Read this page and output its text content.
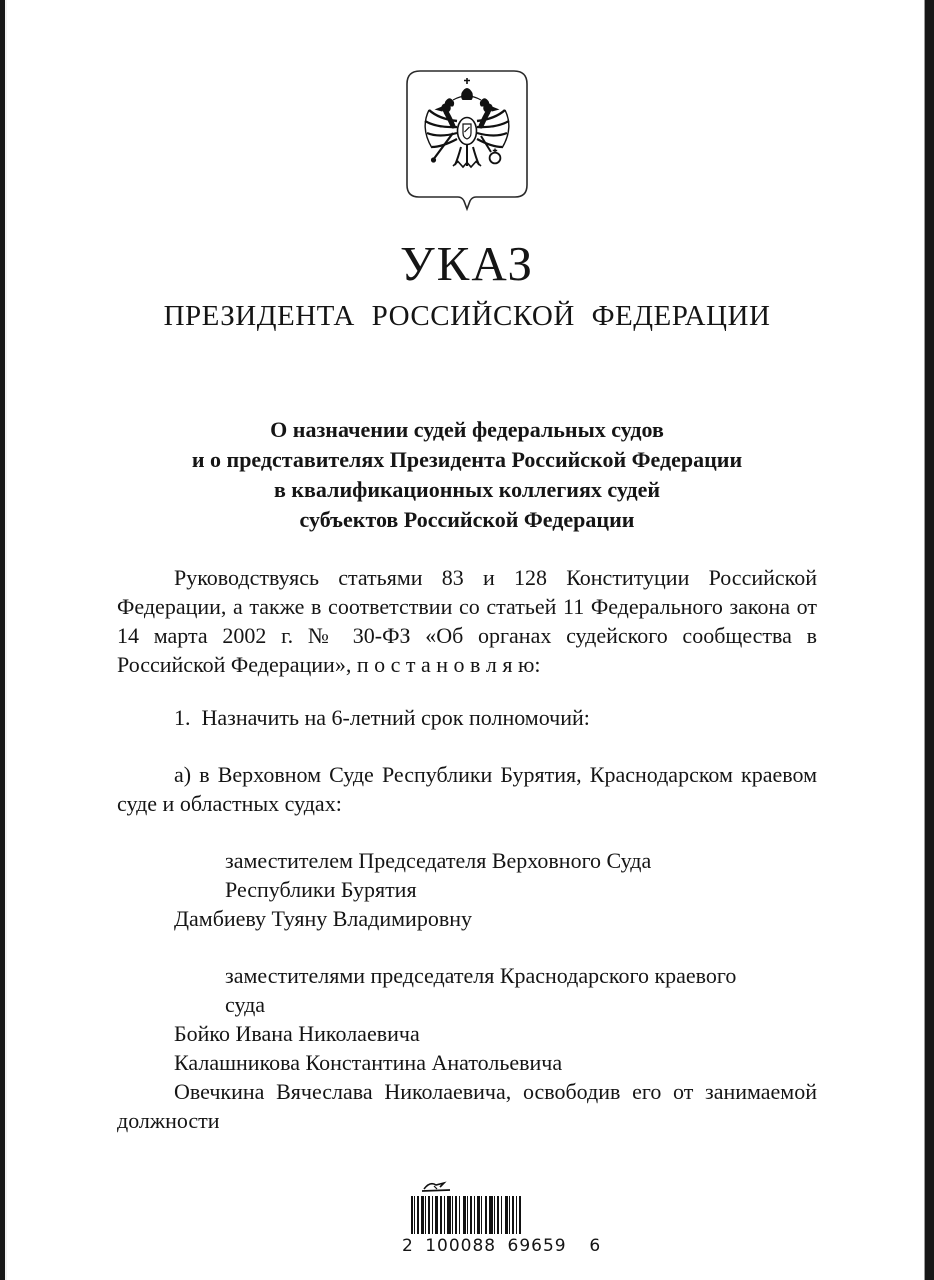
УКАЗ
ПРЕЗИДЕНТА РОССИЙСКОЙ ФЕДЕРАЦИИ
О назначении судей федеральных судов
и о представителях Президента Российской Федерации
в квалификационных коллегиях судей
субъектов Российской Федерации

Руководствуясь статьями 83 и 128 Конституции Российской Федерации, а также в соответствии со статьей 11 Федерального закона от 14 марта 2002 г. № 30-ФЗ «Об органах судейского сообщества в Российской Федерации», п о с т а н о в л я ю:

1.  Назначить на 6-летний срок полномочий:

а) в Верховном Суде Республики Бурятия, Краснодарском краевом суде и областных судах:

заместителем Председателя Верховного Суда
Республики Бурятия

Дамбиеву Туяну Владимировну

заместителями председателя Краснодарского краевого
суда

Бойко Ивана Николаевича

Калашникова Константина Анатольевича

Овечкина Вячеслава Николаевича, освободив его от занимаемой должности

2 100088 69659  6
